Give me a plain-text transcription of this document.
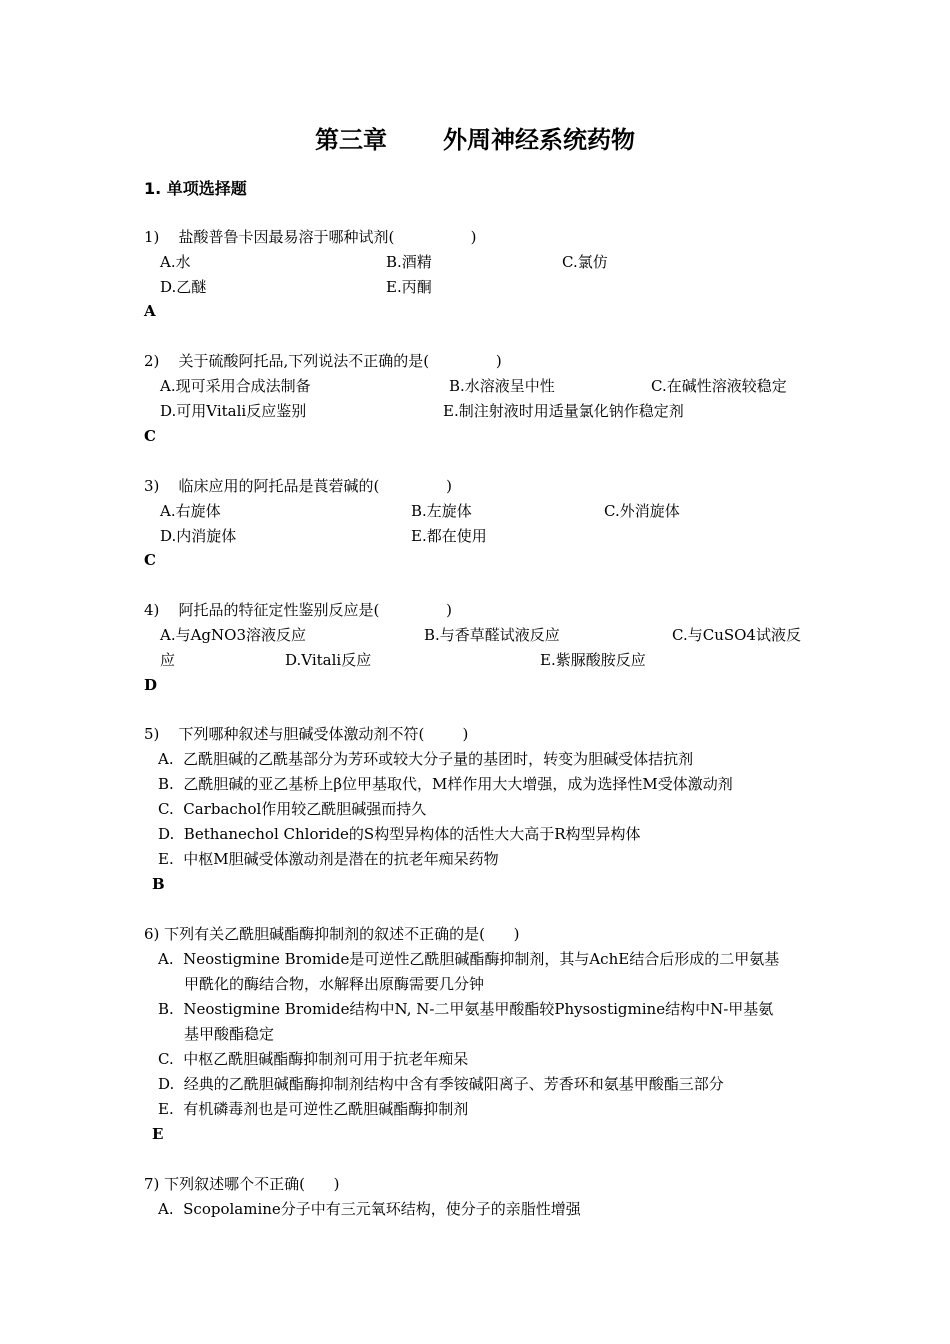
第三章 外周神经系统药物
1. 单项选择题
1)    盐酸普鲁卡因最易溶于哪种试剂(                )
A.水	B.酒精	C.氯仿
D.乙醚	E.丙酮
A
2)    关于硫酸阿托品,下列说法不正确的是(              )
A.现可采用合成法制备	B.水溶液呈中性	C.在碱性溶液较稳定
D.可用Vitali反应鉴别	E.制注射液时用适量氯化钠作稳定剂
C
3)    临床应用的阿托品是莨菪碱的(              )
A.右旋体	B.左旋体	C.外消旋体
D.内消旋体	E.都在使用
C
4)    阿托品的特征定性鉴别反应是(              )
A.与AgNO3溶液反应	B.与香草醛试液反应	C.与CuSO4试液反
应	D.Vitali反应	E.紫脲酸胺反应
D
5)    下列哪种叙述与胆碱受体激动剂不符(        )
A.  乙酰胆碱的乙酰基部分为芳环或较大分子量的基团时，转变为胆碱受体拮抗剂
B.  乙酰胆碱的亚乙基桥上β位甲基取代，M样作用大大增强，成为选择性M受体激动剂
C.  Carbachol作用较乙酰胆碱强而持久
D.  Bethanechol Chloride的S构型异构体的活性大大高于R构型异构体
E.  中枢M胆碱受体激动剂是潜在的抗老年痴呆药物
B
6) 下列有关乙酰胆碱酯酶抑制剂的叙述不正确的是(      )
A.  Neostigmine Bromide是可逆性乙酰胆碱酯酶抑制剂，其与AchE结合后形成的二甲氨基
甲酰化的酶结合物，水解释出原酶需要几分钟
B.  Neostigmine Bromide结构中N, N-二甲氨基甲酸酯较Physostigmine结构中N-甲基氨
基甲酸酯稳定
C.  中枢乙酰胆碱酯酶抑制剂可用于抗老年痴呆
D.  经典的乙酰胆碱酯酶抑制剂结构中含有季铵碱阳离子、芳香环和氨基甲酸酯三部分
E.  有机磷毒剂也是可逆性乙酰胆碱酯酶抑制剂
E
7) 下列叙述哪个不正确(      )
A.  Scopolamine分子中有三元氧环结构，使分子的亲脂性增强
